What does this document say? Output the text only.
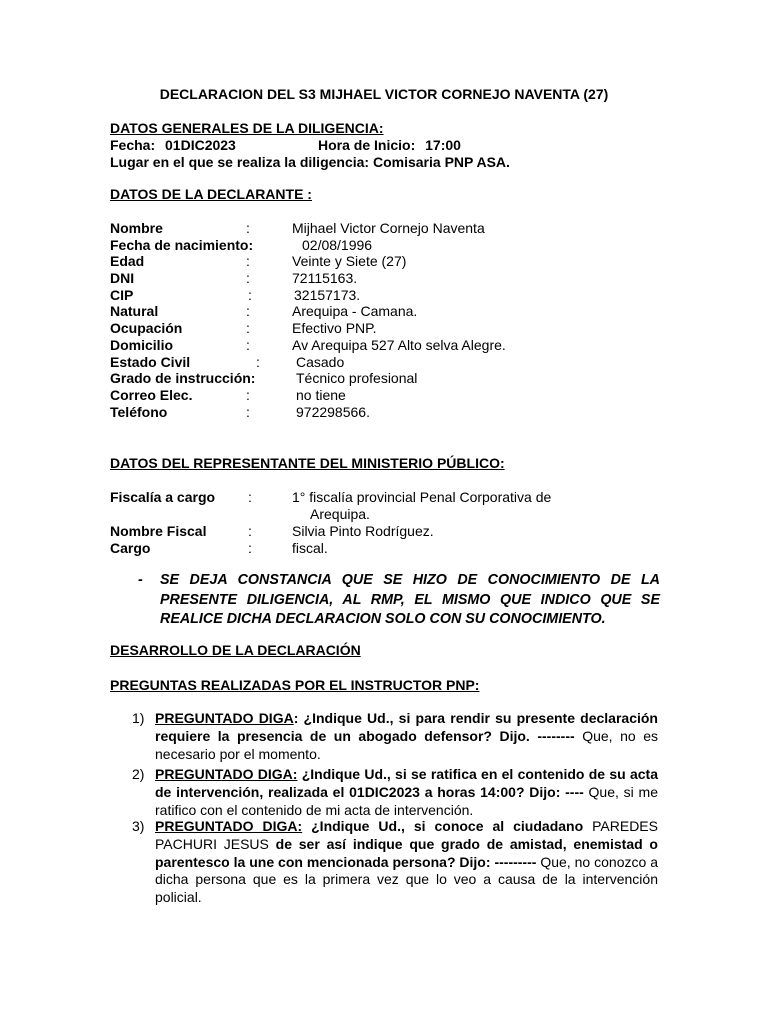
DECLARACION DEL S3 MIJHAEL VICTOR CORNEJO NAVENTA (27)
DATOS GENERALES DE LA DILIGENCIA:
Fecha: 01DIC2023	Hora de Inicio: 17:00
Lugar en el que se realiza la diligencia: Comisaria PNP ASA.
DATOS DE LA DECLARANTE :
Nombre	:	Mijhael Victor Cornejo Naventa
Fecha de nacimiento:	02/08/1996
Edad	:	Veinte y Siete (27)
DNI	:	72115163.
CIP	:	32157173.
Natural	:	Arequipa - Camana.
Ocupación	:	Efectivo PNP.
Domicilio	:	Av Arequipa 527 Alto selva Alegre.
Estado Civil	:	Casado
Grado de instrucción:	Técnico profesional
Correo Elec.	:	no tiene
Teléfono	:	972298566.
DATOS DEL REPRESENTANTE DEL MINISTERIO PÚBLICO:
Fiscalía a cargo :	1° fiscalía provincial Penal Corporativa de
Arequipa.
Nombre Fiscal	:	Silvia Pinto Rodríguez.
Cargo	:	fiscal.
- SE DEJA CONSTANCIA QUE SE HIZO DE CONOCIMIENTO DE LA PRESENTE DILIGENCIA, AL RMP, EL MISMO QUE INDICO QUE SE REALICE DICHA DECLARACION SOLO CON SU CONOCIMIENTO.
DESARROLLO DE LA DECLARACIÓN
PREGUNTAS REALIZADAS POR EL INSTRUCTOR PNP:
1) PREGUNTADO DIGA: ¿Indique Ud., si para rendir su presente declaración requiere la presencia de un abogado defensor? Dijo. -------- Que, no es necesario por el momento.
2) PREGUNTADO DIGA: ¿Indique Ud., si se ratifica en el contenido de su acta de intervención, realizada el 01DIC2023 a horas 14:00? Dijo: ---- Que, si me ratifico con el contenido de mi acta de intervención.
3) PREGUNTADO DIGA: ¿Indique Ud., si conoce al ciudadano PAREDES PACHURI JESUS de ser así indique que grado de amistad, enemistad o parentesco la une con mencionada persona? Dijo: --------- Que, no conozco a dicha persona que es la primera vez que lo veo a causa de la intervención policial.
